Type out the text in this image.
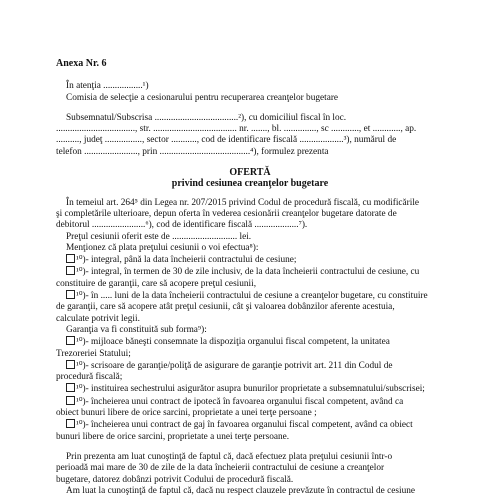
Anexa Nr. 6
În atenţia .................¹)
Comisia de selecţie a cesionarului pentru recuperarea creanţelor bugetare
Subsemnatul/Subscrisa ....................................²), cu domiciliul fiscal în loc.
.................................., str. .................................... nr. ......., bl. .............., sc ............, et ............, ap.
.........., judeţ ................, sector ..........., cod de identificare fiscală ...................³), numărul de
telefon ......................., prin .......................................⁴), formulez prezenta
OFERTĂ
privind cesiunea creanţelor bugetare
În temeiul art. 264⁵ din Legea nr. 207/2015 privind Codul de procedură fiscală, cu modificările
şi completările ulterioare, depun oferta în vederea cesionării creanţelor bugetare datorate de
debitorul .......................⁶), cod de identificare fiscală ...................⁷).
Preţul cesiunii oferit este de ............................ lei.
Menţionez că plata preţului cesiunii o voi efectua⁸):
¹⁰)- integral, până la data încheierii contractului de cesiune;
¹⁰)- integral, în termen de 30 de zile inclusiv, de la data încheierii contractului de cesiune, cu
constituire de garanţii, care să acopere preţul cesiunii,
¹⁰)- în ..... luni de la data încheierii contractului de cesiune a creanţelor bugetare, cu constituire
de garanţii, care să acopere atât preţul cesiunii, cât şi valoarea dobânzilor aferente acestuia,
calculate potrivit legii.
Garanţia va fi constituită sub forma⁹):
¹⁰)- mijloace băneşti consemnate la dispoziţia organului fiscal competent, la unitatea
Trezoreriei Statului;
¹⁰)- scrisoare de garanţie/poliţă de asigurare de garanţie potrivit art. 211 din Codul de
procedură fiscală;
¹⁰)- instituirea sechestrului asigurător asupra bunurilor proprietate a subsemnatului/subscrisei;
¹⁰)- încheierea unui contract de ipotecă în favoarea organului fiscal competent, având ca
obiect bunuri libere de orice sarcini, proprietate a unei terţe persoane ;
¹⁰)- încheierea unui contract de gaj în favoarea organului fiscal competent, având ca obiect
bunuri libere de orice sarcini, proprietate a unei terţe persoane.
Prin prezenta am luat cunoştinţă de faptul că, dacă efectuez plata preţului cesiunii într-o
perioadă mai mare de 30 de zile de la data încheierii contractului de cesiune a creanţelor
bugetare, datorez dobânzi potrivit Codului de procedură fiscală.
Am luat la cunoştinţă de faptul că, dacă nu respect clauzele prevăzute în contractul de cesiune
